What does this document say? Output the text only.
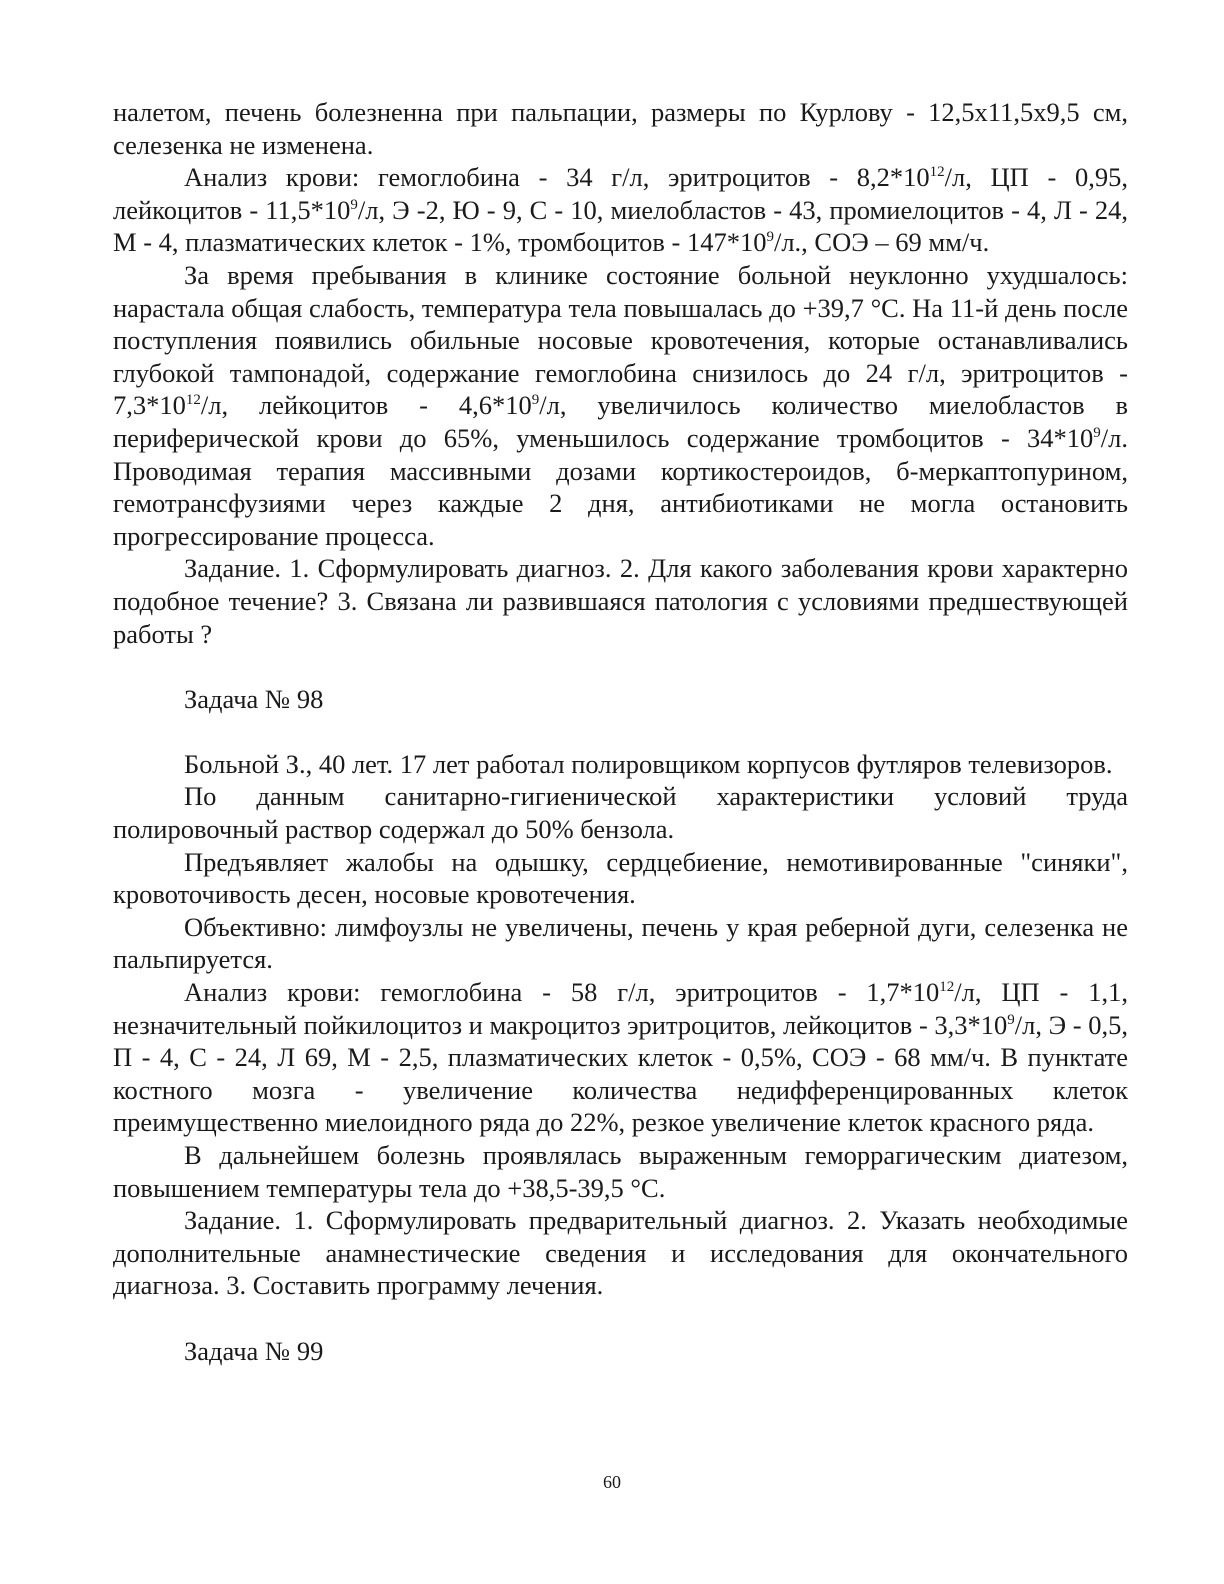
налетом, печень болезненна при пальпации, размеры по Курлову - 12,5х11,5х9,5 см, селезенка не изменена.

Анализ крови: гемоглобина - 34 г/л, эритроцитов - $8,2*10^{12}/л$, ЦП - 0,95, лейкоцитов - $11,5*10^9/л$, Э -2, Ю - 9, С - 10, миелобластов - 43, промиелоцитов - 4, Л - 24, М - 4, плазматических клеток - 1%, тромбоцитов - $147*10^9/л$., СОЭ – 69 мм/ч.

За время пребывания в клинике состояние больной неуклонно ухудшалось: нарастала общая слабость, температура тела повышалась до +39,7 °С. На 11-й день после поступления появились обильные носовые кровотечения, которые останавливались глубокой тампонадой, содержание гемоглобина снизилось до 24 г/л, эритроцитов - $7,3*10^{12}/л$, лейкоцитов - $4,6*10^9/л$, увеличилось количество миелобластов в периферической крови до 65%, уменьшилось содержание тромбоцитов - $34*10^9/л$. Проводимая терапия массивными дозами кортикостероидов, б-меркаптопурином, гемотрансфузиями через каждые 2 дня, антибиотиками не могла остановить прогрессирование процесса.

Задание. 1. Сформулировать диагноз. 2. Для какого заболевания крови характерно подобное течение? 3. Связана ли развившаяся патология с условиями предшествующей работы ?

Задача № 98

Больной З., 40 лет. 17 лет работал полировщиком корпусов футляров телевизоров.

По данным санитарно-гигиенической характеристики условий труда полировочный раствор содержал до 50% бензола.

Предъявляет жалобы на одышку, сердцебиение, немотивированные "синяки", кровоточивость десен, носовые кровотечения.

Объективно: лимфоузлы не увеличены, печень у края реберной дуги, селезенка не пальпируется.

Анализ крови: гемоглобина - 58 г/л, эритроцитов - $1,7*10^{12}/л$, ЦП - 1,1, незначительный пойкилоцитоз и макроцитоз эритроцитов, лейкоцитов - $3,3*10^9/л$, Э - 0,5, П - 4, С - 24, Л 69, М - 2,5, плазматических клеток - 0,5%, СОЭ - 68 мм/ч. В пунктате костного мозга - увеличение количества недифференцированных клеток преимущественно миелоидного ряда до 22%, резкое увеличение клеток красного ряда.

В дальнейшем болезнь проявлялась выраженным геморрагическим диатезом, повышением температуры тела до +38,5-39,5 °С.

Задание. 1. Сформулировать предварительный диагноз. 2. Указать необходимые дополнительные анамнестические сведения и исследования для окончательного диагноза. 3. Составить программу лечения.

Задача № 99

60
